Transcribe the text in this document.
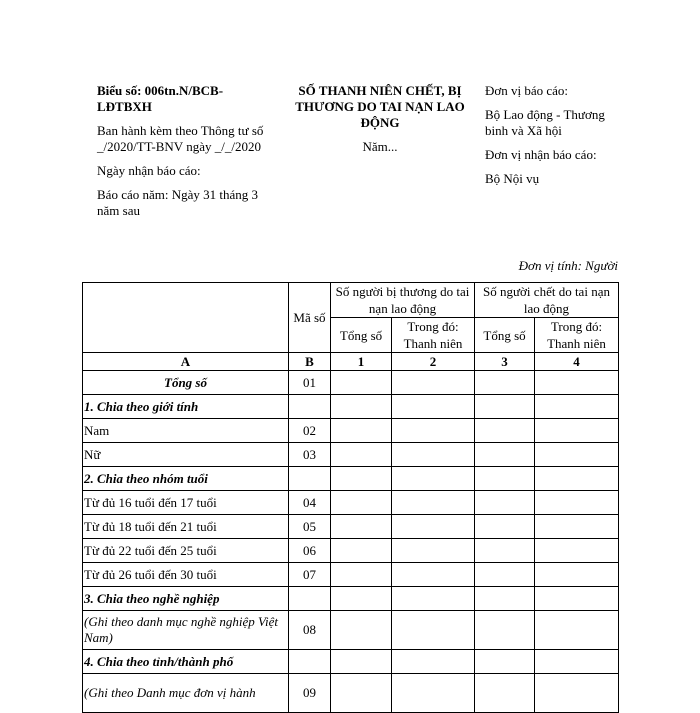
Biểu số: 006tn.N/BCB-LĐTBXH
Ban hành kèm theo Thông tư số _/2020/TT-BNV ngày _/_/2020
Ngày nhận báo cáo:
Báo cáo năm: Ngày 31 tháng 3 năm sau
SỐ THANH NIÊN CHẾT, BỊ THƯƠNG DO TAI NẠN LAO ĐỘNG
Năm...
Đơn vị báo cáo:
Bộ Lao động - Thương binh và Xã hội
Đơn vị nhận báo cáo:
Bộ Nội vụ
Đơn vị tính: Người
	Mã số	Số người bị thương do tai nạn lao động		Số người chết do tai nạn lao động	
		Tổng số	Trong đó: Thanh niên	Tổng số	Trong đó: Thanh niên
A	B	1	2	3	4
Tổng số	01				
1. Chia theo giới tính					
Nam	02				
Nữ	03				
2. Chia theo nhóm tuổi					
Từ đủ 16 tuổi đến 17 tuổi	04				
Từ đủ 18 tuổi đến 21 tuổi	05				
Từ đủ 22 tuổi đến 25 tuổi	06				
Từ đủ 26 tuổi đến 30 tuổi	07				
3. Chia theo nghề nghiệp					
(Ghi theo danh mục nghề nghiệp Việt Nam)	08				
4. Chia theo tỉnh/thành phố					
(Ghi theo Danh mục đơn vị hành	09				
